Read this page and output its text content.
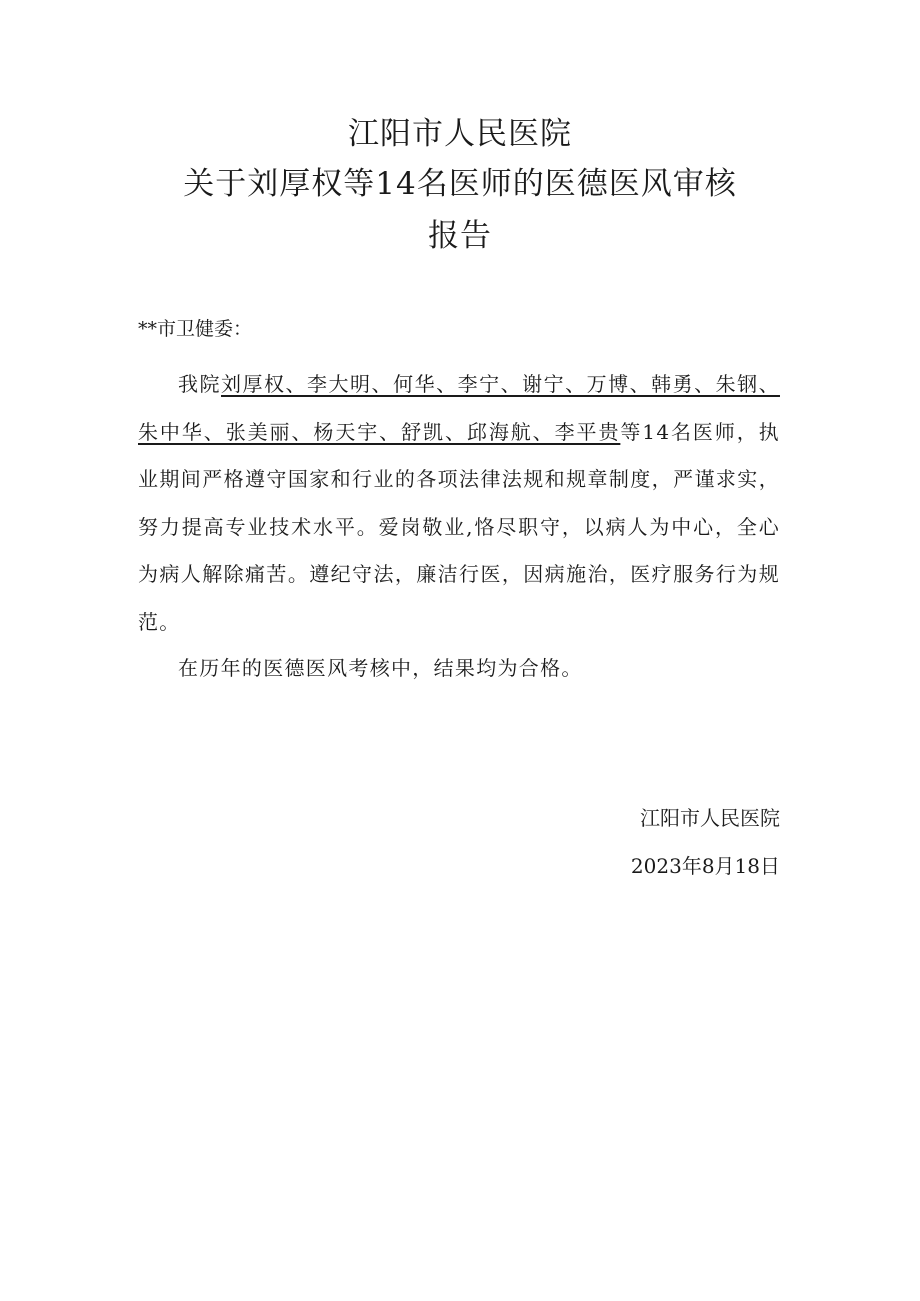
江阳市人民医院
关于刘厚权等14名医师的医德医风审核
报告
**市卫健委：

我院刘厚权、李大明、何华、李宁、谢宁、万博、韩勇、朱钢、朱中华、张美丽、杨天宇、舒凯、邱海航、李平贵等14名医师，执业期间严格遵守国家和行业的各项法律法规和规章制度，严谨求实，努力提高专业技术水平。爱岗敬业,恪尽职守，以病人为中心，全心为病人解除痛苦。遵纪守法，廉洁行医，因病施治，医疗服务行为规范。

在历年的医德医风考核中，结果均为合格。

江阳市人民医院
2023年8月18日
